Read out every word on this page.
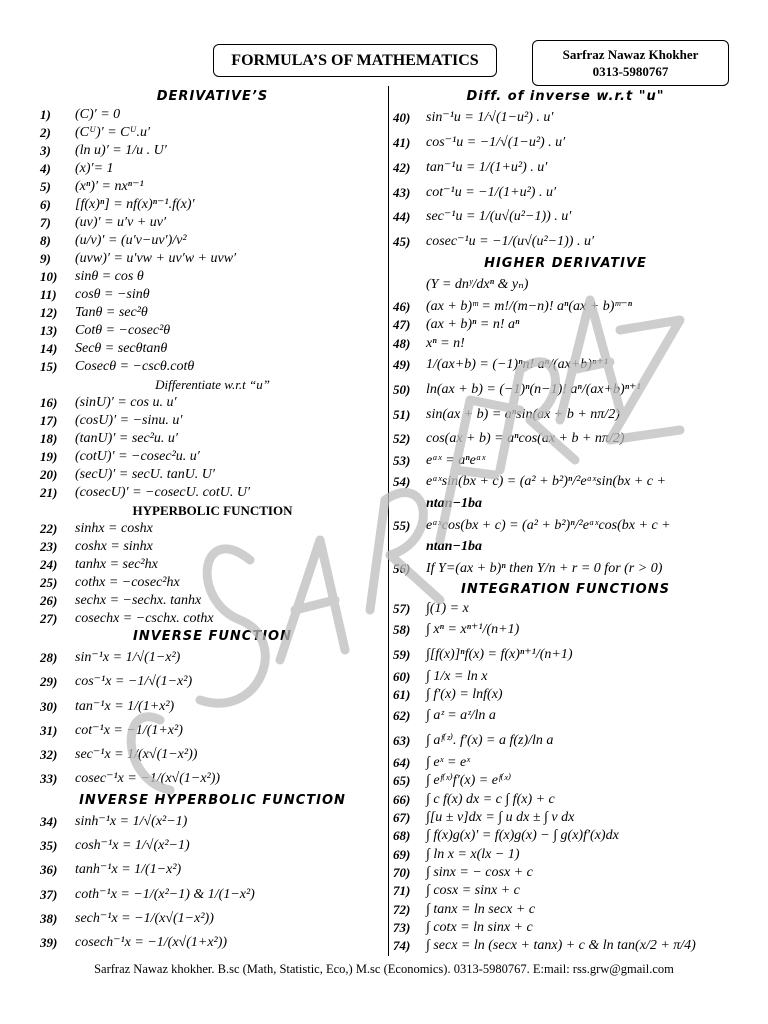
FORMULA’S OF MATHEMATICS	Sarfraz Nawaz Khokher
0313-5980767
DERIVATIVE’S
1) (C)′ = 0
2) (Cᵁ)′ = Cᵁ.u′
3) (ln u)′ = 1/u . U′
4) (x)′= 1
5) (xⁿ)′ = nxⁿ⁻¹
6) [f(x)ⁿ] = nf(x)ⁿ⁻¹.f(x)′
7) (uv)′ = u′v + uv′
8) (u/v)′ = (u′v−uv′)/v²
9) (uvw)′ = u′vw + uv′w + uvw′
10) sinθ = cos θ
11) cosθ = −sinθ
12) Tanθ = sec²θ
13) Cotθ = −cosec²θ
14) Secθ = secθtanθ
15) Cosecθ = −cscθ.cotθ
Differentiate w.r.t “u”
16) (sinU)′ = cos u. u′
17) (cosU)′ = −sinu. u′
18) (tanU)′ = sec²u. u′
19) (cotU)′ = −cosec²u. u′
20) (secU)′ = secU. tanU. U′
21) (cosecU)′ = −cosecU. cotU. U′
HYPERBOLIC FUNCTION
22) sinhx = coshx
23) coshx = sinhx
24) tanhx = sec²hx
25) cothx = −cosec²hx
26) sechx = −sechx. tanhx
27) cosechx = −cschx. cothx
INVERSE FUNCTION
28) sin⁻¹x = 1/√(1−x²)
29) cos⁻¹x = −1/√(1−x²)
30) tan⁻¹x = 1/(1+x²)
31) cot⁻¹x = −1/(1+x²)
32) sec⁻¹x = 1/(x√(1−x²))
33) cosec⁻¹x = −1/(x√(1−x²))
INVERSE HYPERBOLIC FUNCTION
34) sinh⁻¹x = 1/√(x²−1)
35) cosh⁻¹x = 1/√(x²−1)
36) tanh⁻¹x = 1/(1−x²)
37) coth⁻¹x = −1/(x²−1) & 1/(1−x²)
38) sech⁻¹x = −1/(x√(1−x²))
39) cosech⁻¹x = −1/(x√(1+x²))
Diff. of inverse w.r.t "u"
40) sin⁻¹u = 1/√(1−u²) . u′
41) cos⁻¹u = −1/√(1−u²) . u′
42) tan⁻¹u = 1/(1+u²) . u′
43) cot⁻¹u = −1/(1+u²) . u′
44) sec⁻¹u = 1/(u√(u²−1)) . u′
45) cosec⁻¹u = −1/(u√(u²−1)) . u′
HIGHER DERIVATIVE
(Y = dnʸ/dxⁿ & yₙ)
46) (ax + b)ᵐ = m!/(m−n)! aⁿ(ax + b)ᵐ⁻ⁿ
47) (ax + b)ⁿ = n! aⁿ
48) xⁿ = n!
49) 1/(ax+b) = (−1)ⁿn! aⁿ/(ax+b)ⁿ⁺¹
50) ln(ax + b) = (−1)ⁿ(n−1)! aⁿ/(ax+b)ⁿ⁺¹
51) sin(ax + b) = aⁿsin(ax + b + nπ/2)
52) cos(ax + b) = aⁿcos(ax + b + nπ/2)
53) eᵃˣ = aⁿeᵃˣ
54) eᵃˣsin(bx + c) = (a² + b²)ⁿ/²eᵃˣsin(bx + c +
ntan−1ba
55) eᵃˣcos(bx + c) = (a² + b²)ⁿ/²eᵃˣcos(bx + c +
ntan−1ba
56) If Y=(ax + b)ⁿ then Y/n + r = 0 for (r > 0)
INTEGRATION FUNCTIONS
57) ∫(1) = x
58) ∫ xⁿ = xⁿ⁺¹/(n+1)
59) ∫[f(x)]ⁿf(x) = f(x)ⁿ⁺¹/(n+1)
60) ∫ 1/x = ln x
61) ∫ f′(x) = lnf(x)
62) ∫ aᶻ = aᶻ/ln a
63) ∫ aᶠ⁽ᶻ⁾. f′(x) = a f(z)/ln a
64) ∫ eˣ = eˣ
65) ∫ eᶠ⁽ˣ⁾f′(x) = eᶠ⁽ˣ⁾
66) ∫ c f(x) dx = c ∫ f(x) + c
67) ∫[u ± v]dx = ∫ u dx ± ∫ v dx
68) ∫ f(x)g(x)′ = f(x)g(x) − ∫ g(x)f′(x)dx
69) ∫ ln x = x(lx − 1)
70) ∫ sinx = − cosx + c
71) ∫ cosx = sinx + c
72) ∫ tanx = ln secx + c
73) ∫ cotx = ln sinx + c
74) ∫ secx = ln (secx + tanx) + c & ln tan(x/2 + π/4)
Sarfraz Nawaz khokher. B.sc (Math, Statistic, Eco,) M.sc (Economics). 0313-5980767. E:mail: rss.grw@gmail.com
